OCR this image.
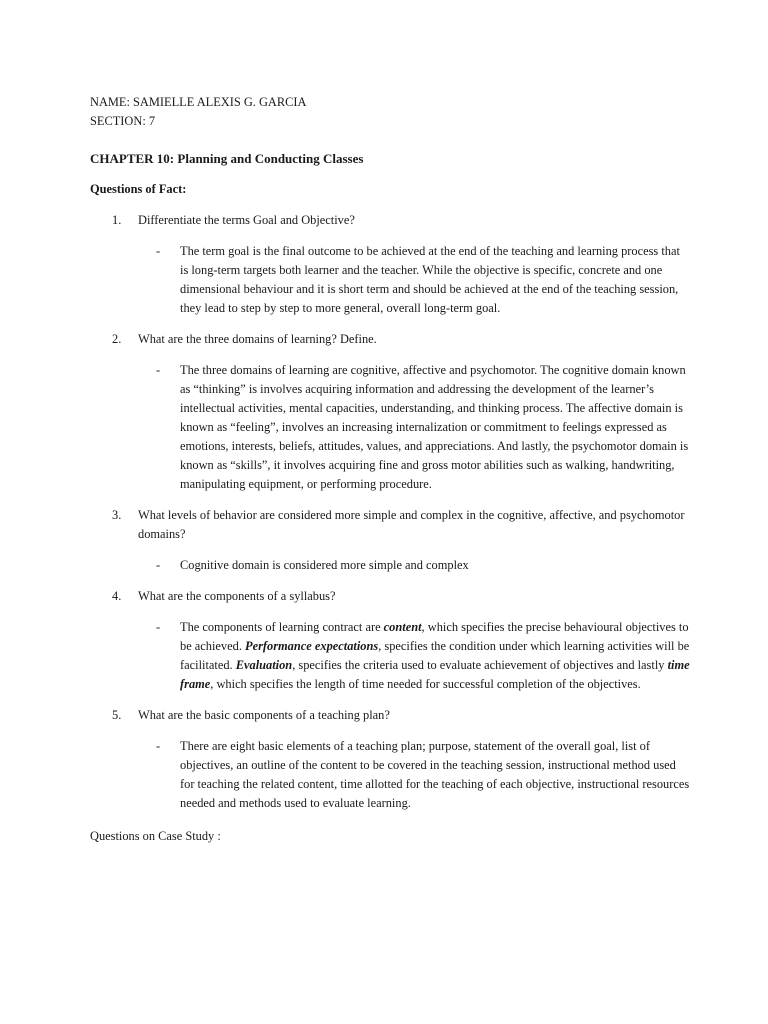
NAME: SAMIELLE ALEXIS G. GARCIA
SECTION: 7
CHAPTER 10: Planning and Conducting Classes
Questions of Fact:
1.	Differentiate the terms Goal and Objective?
-	The term goal is the final outcome to be achieved at the end of the teaching and learning process that is long-term targets both learner and the teacher. While the objective is specific, concrete and one dimensional behaviour and it is short term and should be achieved at the end of the teaching session, they lead to step by step to more general, overall long-term goal.
2.	What are the three domains of learning? Define.
-	The three domains of learning are cognitive, affective and psychomotor. The cognitive domain known as “thinking” is involves acquiring information and addressing the development of the learner’s intellectual activities, mental capacities, understanding, and thinking process. The affective domain is known as “feeling”, involves an increasing internalization or commitment to feelings expressed as emotions, interests, beliefs, attitudes, values, and appreciations. And lastly, the psychomotor domain is known as “skills”, it involves acquiring fine and gross motor abilities such as walking, handwriting, manipulating equipment, or performing procedure.
3.	What levels of behavior are considered more simple and complex in the cognitive, affective, and psychomotor domains?
-	Cognitive domain is considered more simple and complex
4.	What are the components of a syllabus?
-	The components of learning contract are content, which specifies the precise behavioural objectives to be achieved. Performance expectations, specifies the condition under which learning activities will be facilitated. Evaluation, specifies the criteria used to evaluate achievement of objectives and lastly time frame, which specifies the length of time needed for successful completion of the objectives.
5.	What are the basic components of a teaching plan?
-	There are eight basic elements of a teaching plan; purpose, statement of the overall goal, list of objectives, an outline of the content to be covered in the teaching session, instructional method used for teaching the related content, time allotted for the teaching of each objective, instructional resources needed and methods used to evaluate learning.
Questions on Case Study :
